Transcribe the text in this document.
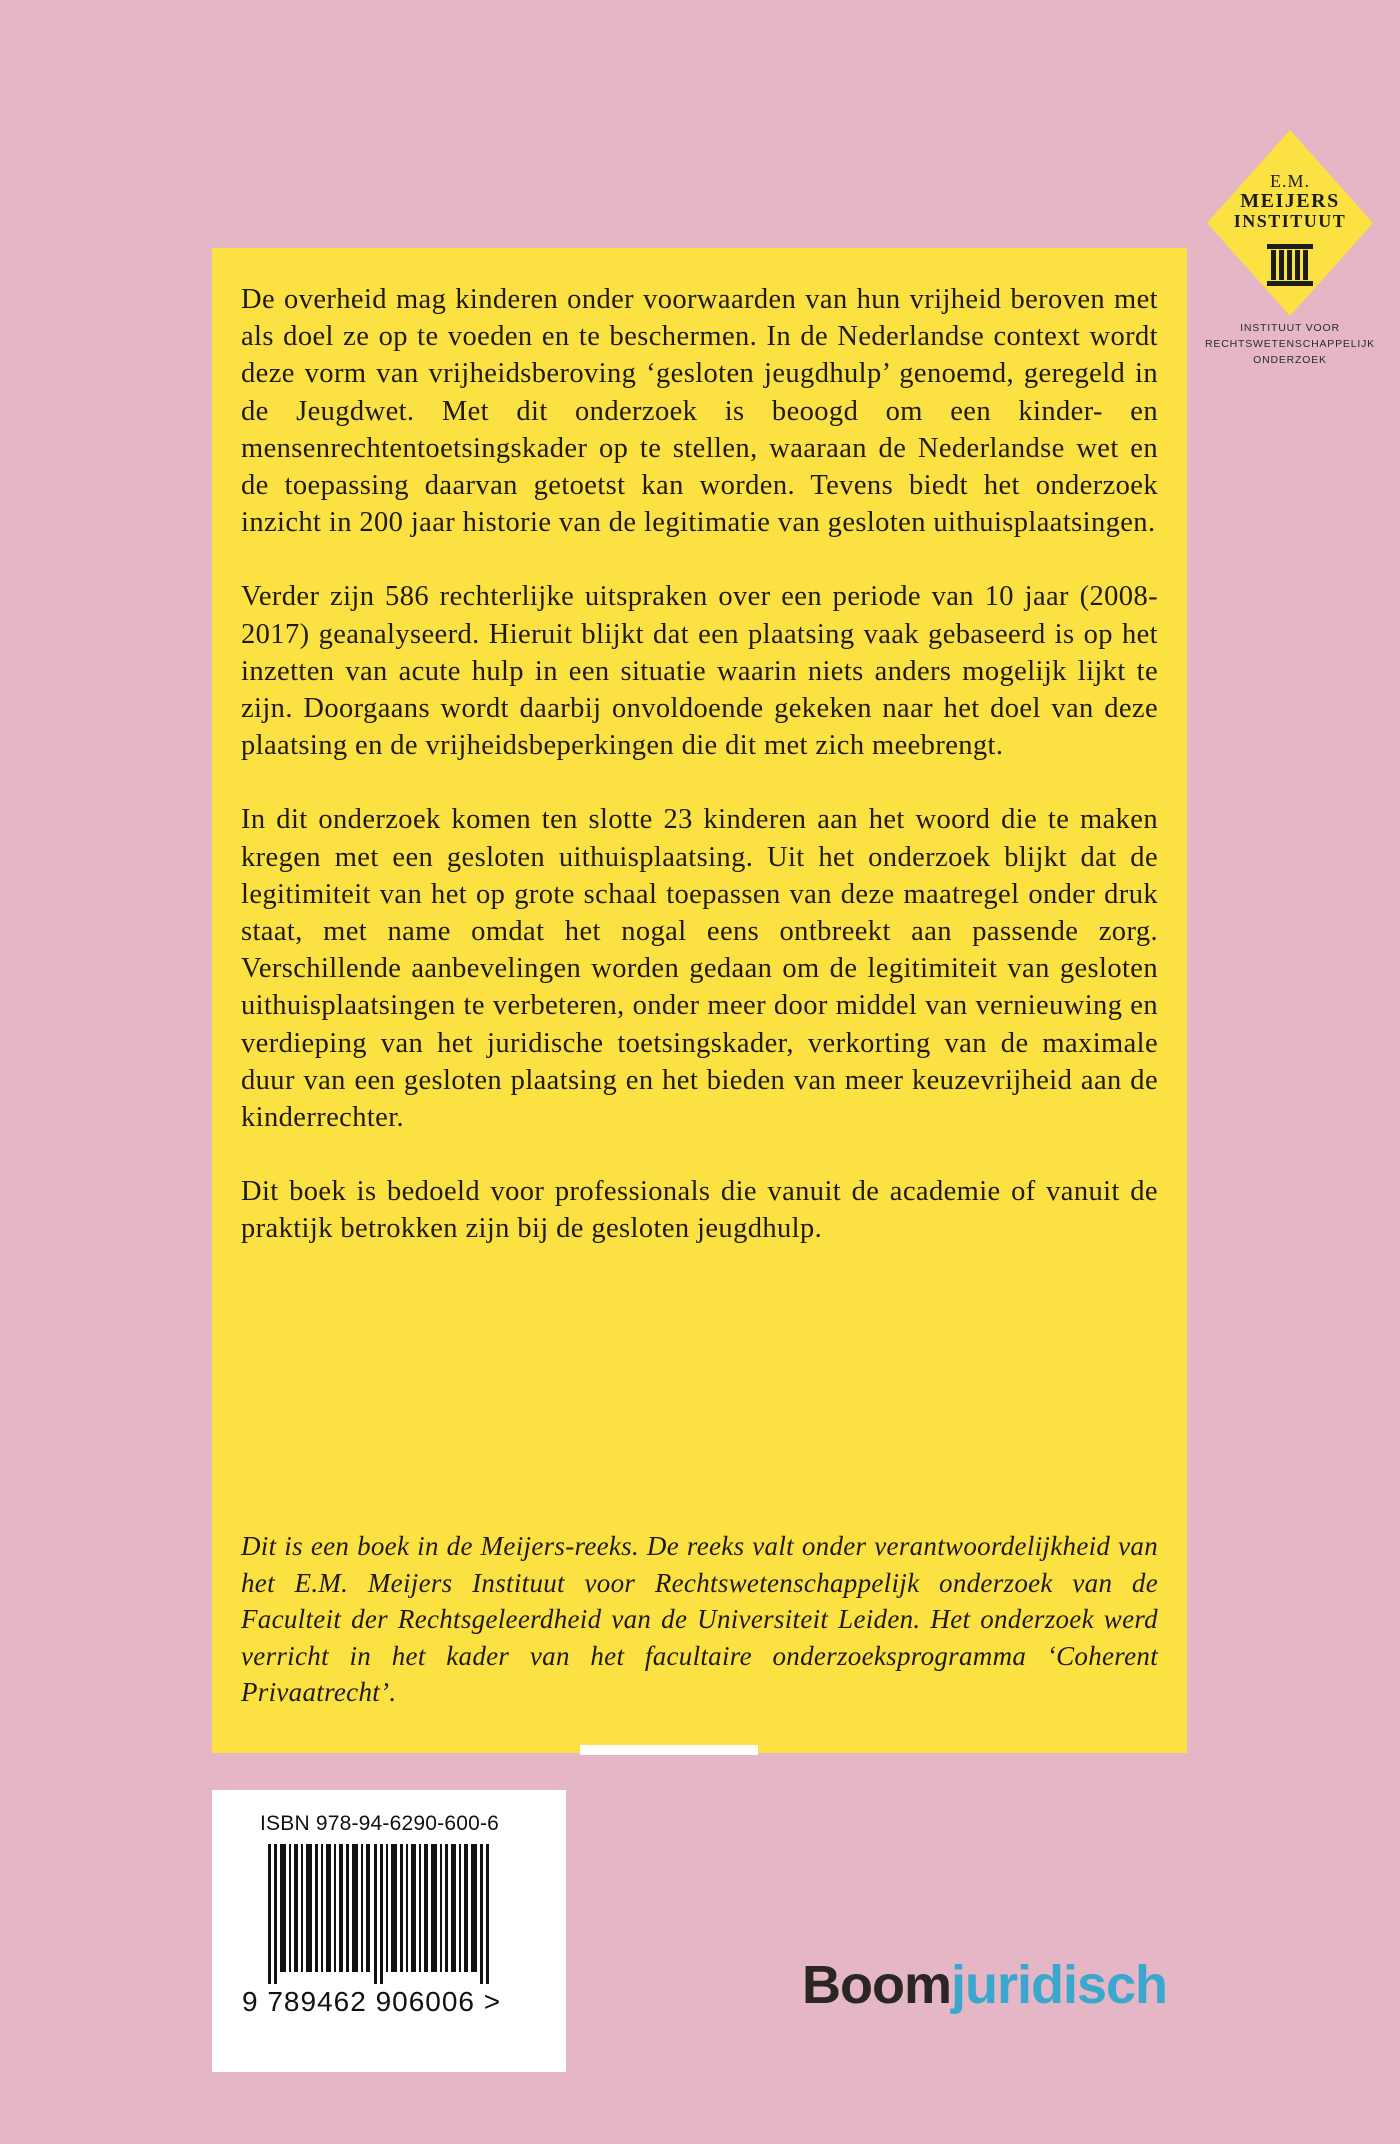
E.M.
MEIJERS
INSTITUUT
INSTITUUT VOOR
RECHTSWETENSCHAPPELIJK
ONDERZOEK

De overheid mag kinderen onder voorwaarden van hun vrijheid beroven met als doel ze op te voeden en te beschermen. In de Nederlandse context wordt deze vorm van vrijheidsberoving ‘gesloten jeugdhulp’ genoemd, geregeld in de Jeugdwet. Met dit onderzoek is beoogd om een kinder- en mensenrechtentoetsingskader op te stellen, waaraan de Nederlandse wet en de toepassing daarvan getoetst kan worden. Tevens biedt het onderzoek inzicht in 200 jaar historie van de legitimatie van gesloten uithuisplaatsingen.

Verder zijn 586 rechterlijke uitspraken over een periode van 10 jaar (2008-2017) geanalyseerd. Hieruit blijkt dat een plaatsing vaak gebaseerd is op het inzetten van acute hulp in een situatie waarin niets anders mogelijk lijkt te zijn. Doorgaans wordt daarbij onvoldoende gekeken naar het doel van deze plaatsing en de vrijheidsbeperkingen die dit met zich meebrengt.

In dit onderzoek komen ten slotte 23 kinderen aan het woord die te maken kregen met een gesloten uithuisplaatsing. Uit het onderzoek blijkt dat de legitimiteit van het op grote schaal toepassen van deze maatregel onder druk staat, met name omdat het nogal eens ontbreekt aan passende zorg. Verschillende aanbevelingen worden gedaan om de legitimiteit van gesloten uithuisplaatsingen te verbeteren, onder meer door middel van vernieuwing en verdieping van het juridische toetsingskader, verkorting van de maximale duur van een gesloten plaatsing en het bieden van meer keuzevrijheid aan de kinderrechter.

Dit boek is bedoeld voor professionals die vanuit de academie of vanuit de praktijk betrokken zijn bij de gesloten jeugdhulp.

Dit is een boek in de Meijers-reeks. De reeks valt onder verantwoordelijkheid van het E.M. Meijers Instituut voor Rechtswetenschappelijk onderzoek van de Faculteit der Rechtsgeleerdheid van de Universiteit Leiden. Het onderzoek werd verricht in het kader van het facultaire onderzoeksprogramma ‘Coherent Privaatrecht’.

ISBN 978-94-6290-600-6
9 789462 906006 >	Boomjuridisch
